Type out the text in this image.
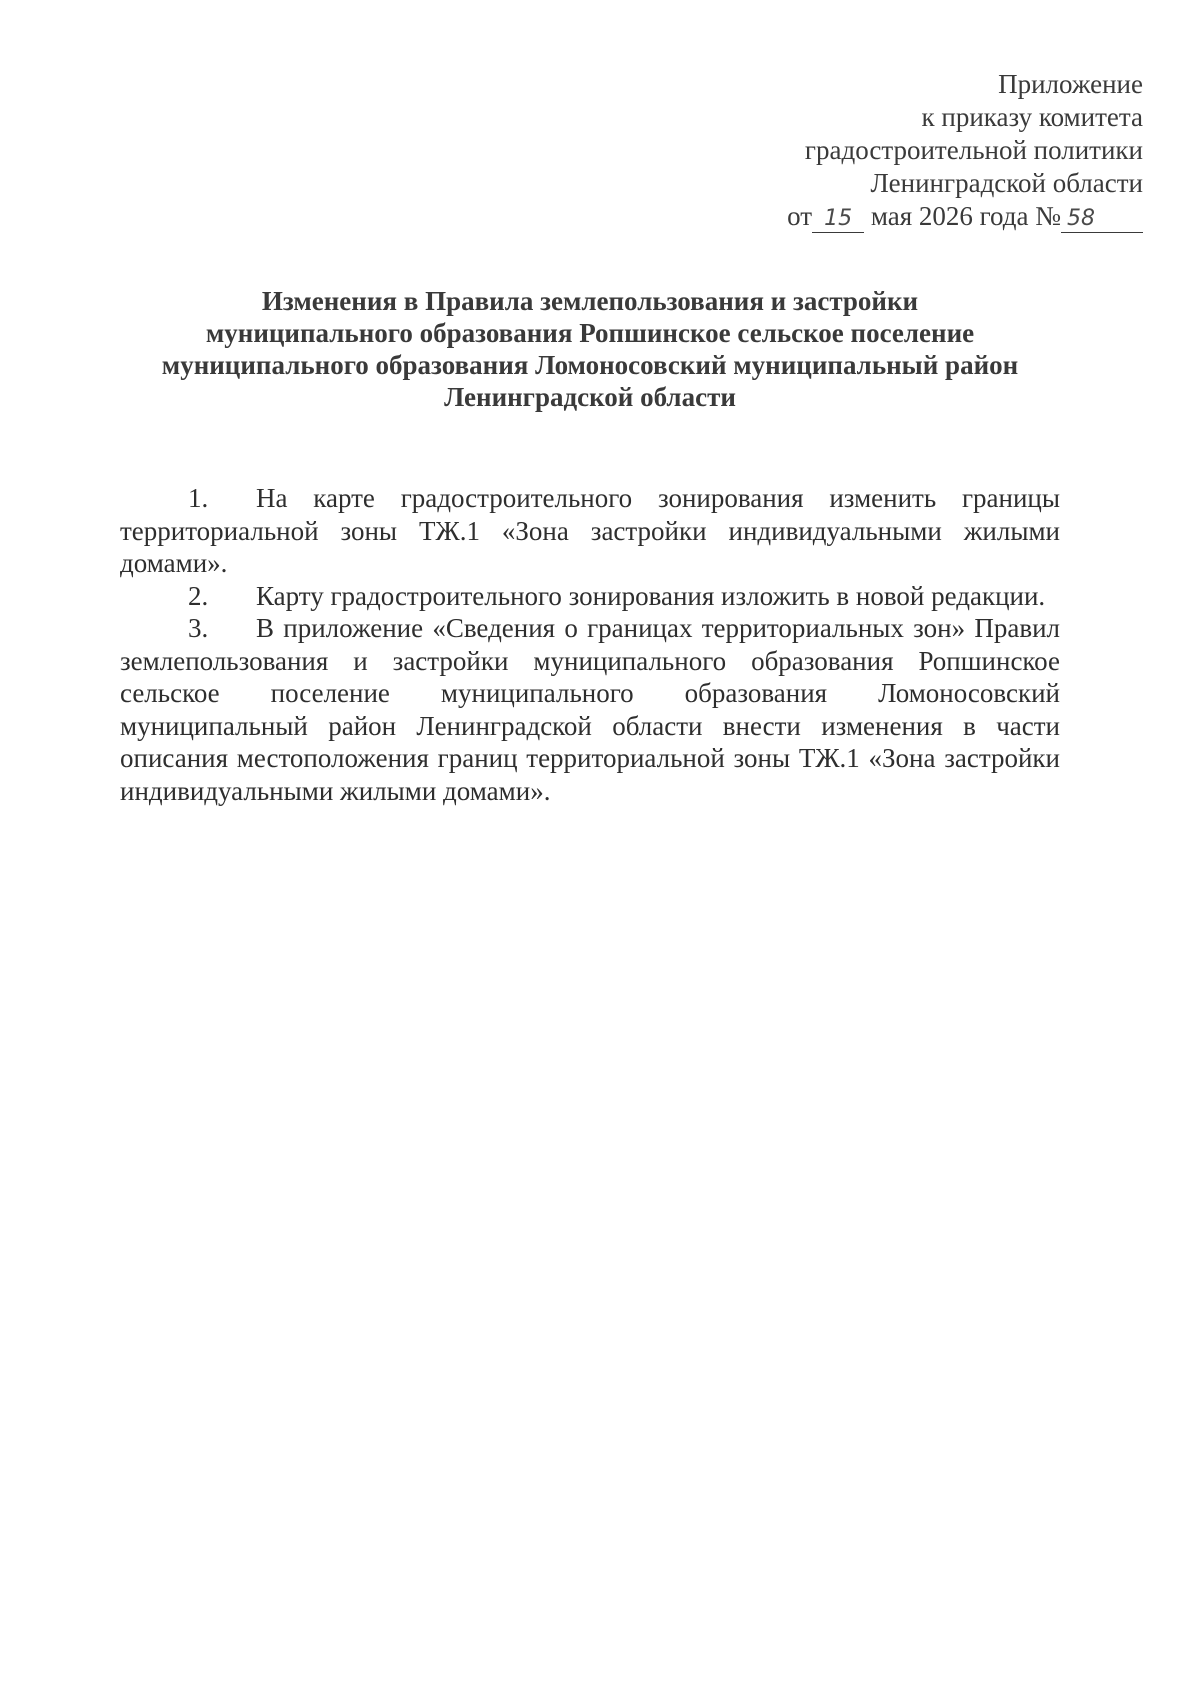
Приложение
к приказу комитета
градостроительной политики
Ленинградской области
от 15 мая 2026 года № 58
Изменения в Правила землепользования и застройки
муниципального образования Ропшинское сельское поселение
муниципального образования Ломоносовский муниципальный район
Ленинградской области

1. На карте градостроительного зонирования изменить границы территориальной зоны ТЖ.1 «Зона застройки индивидуальными жилыми домами».

2. Карту градостроительного зонирования изложить в новой редакции.

3. В приложение «Сведения о границах территориальных зон» Правил землепользования и застройки муниципального образования Ропшинское сельское поселение муниципального образования Ломоносовский муниципальный район Ленинградской области внести изменения в части описания местоположения границ территориальной зоны ТЖ.1 «Зона застройки индивидуальными жилыми домами».
